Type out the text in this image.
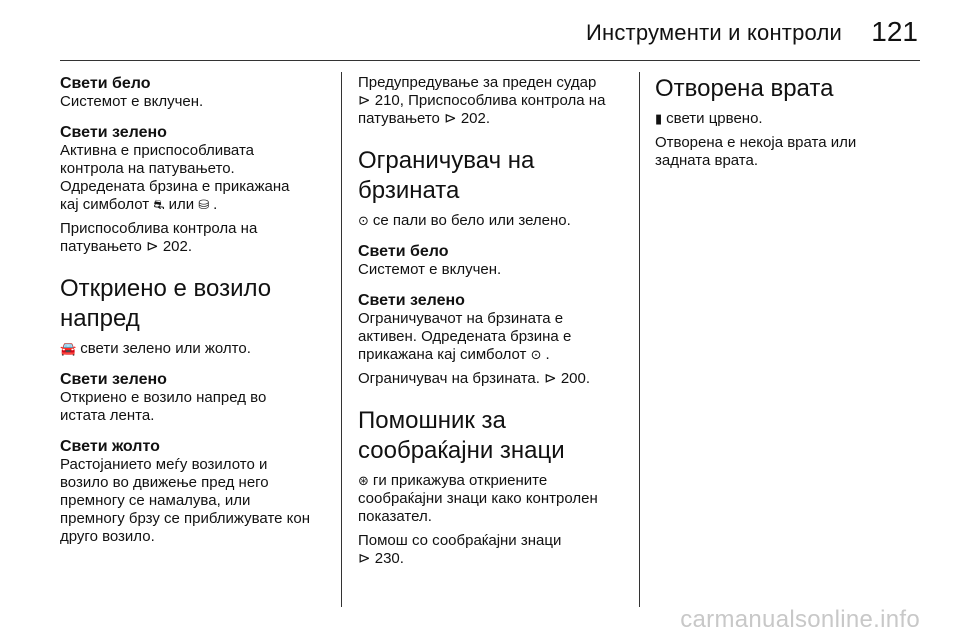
Инструменти и контроли 121

Свети бело

Системот е вклучен.

Свети зелено

Активна е приспособливата
контрола на патувањето.
Одредената брзина е прикажана
кај симболот ⛐ или ⛁ .

Приспособлива контрола на
патувањето ⊳ 202.

Откриено е возило
напред

🚘 свети зелено или жолто.

Свети зелено

Откриено е возило напред во
истата лента.

Свети жолто

Растојанието меѓу возилото и
возило во движење пред него
премногу се намалува, или
премногу брзу се приближувате кон
друго возило.

Предупредување за преден судар
⊳ 210, Приспособлива контрола на
патувањето ⊳ 202.

Ограничувач на
брзината

⊙ се пали во бело или зелено.

Свети бело

Системот е вклучен.

Свети зелено

Ограничувачот на брзината е
активен. Одредената брзина е
прикажана кај симболот ⊙ .

Ограничувач на брзината. ⊳ 200.

Помошник за
сообраќајни знаци

⊛ ги прикажува откриените
сообраќајни знаци како контролен
показател.

Помош со сообраќајни знаци
⊳ 230.

Отворена врата

▮ свети црвено.

Отворена е некоја врата или
задната врата.

carmanualsonline.info
